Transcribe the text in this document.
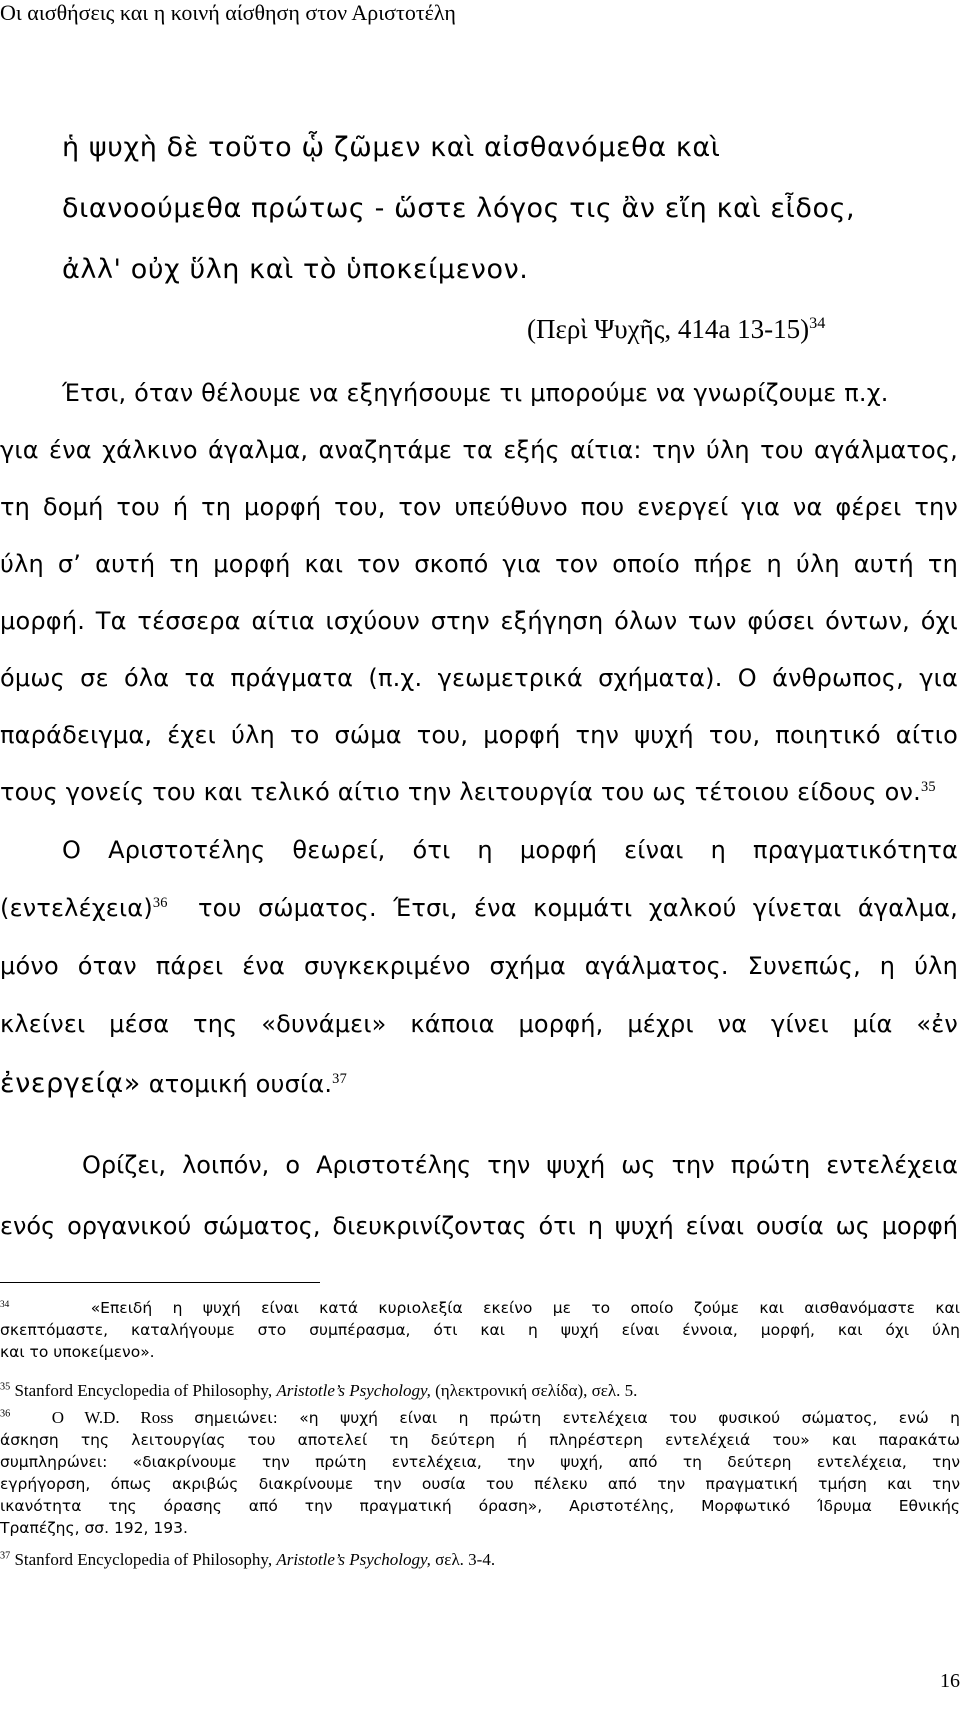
Οι αισθήσεις και η κοινή αίσθηση στον Αριστοτέλη
ἡ ψυχὴ δὲ τοῦτο ᾧ ζῶμεν καὶ αἰσθανόμεθα καὶ
διανοούμεθα πρώτως - ὥστε λόγος τις ἂν εἴη καὶ εἶδος,
ἀλλ' οὐχ ὕλη καὶ τὸ ὑποκείμενον.
(Περὶ Ψυχῆς, 414a 13-15)$^{34}$
Έτσι, όταν θέλουμε να εξηγήσουμε τι μπορούμε να γνωρίζουμε π.χ.
για ένα χάλκινο άγαλμα, αναζητάμε τα εξής αίτια: την ύλη του αγάλματος,
τη δομή του ή τη μορφή του, τον υπεύθυνο που ενεργεί για να φέρει την
ύλη σ’ αυτή τη μορφή και τον σκοπό για τον οποίο πήρε η ύλη αυτή τη
μορφή. Τα τέσσερα αίτια ισχύουν στην εξήγηση όλων των φύσει όντων, όχι
όμως σε όλα τα πράγματα (π.χ. γεωμετρικά σχήματα). Ο άνθρωπος, για
παράδειγμα, έχει ύλη το σώμα του, μορφή την ψυχή του, ποιητικό αίτιο
τους γονείς του και τελικό αίτιο την λειτουργία του ως τέτοιου είδους ον.$^{35}$
Ο Αριστοτέλης θεωρεί, ότι η μορφή είναι η πραγματικότητα
$(\varepsilon\nu\tau\varepsilon\lambda έ\chi\varepsilon\iota\alpha)^{36}$ του σώματος. Έτσι, ένα κομμάτι χαλκού γίνεται άγαλμα,
μόνο όταν πάρει ένα συγκεκριμένο σχήμα αγάλματος. Συνεπώς, η ύλη
κλείνει μέσα της «δυνάμει» κάποια μορφή, μέχρι να γίνει μία «ἐν
ἐνεργείᾳ» ατομική ουσία.$^{37}$
Ορίζει, λοιπόν, ο Αριστοτέλης την ψυχή ως την πρώτη εντελέχεια
ενός οργανικού σώματος, διευκρινίζοντας ότι η ψυχή είναι ουσία ως μορφή
$^{34}$	«Επειδή η ψυχή είναι κατά κυριολεξία εκείνο με το οποίο ζούμε και αισθανόμαστε και
σκεπτόμαστε, καταλήγουμε στο συμπέρασμα, ότι και η ψυχή είναι έννοια, μορφή, και όχι ύλη
και το υποκείμενο».
$^{35}$ Stanford Encyclopedia of Philosophy, Aristotle’s Psychology, (ηλεκτρονική σελίδα), σελ. 5.
$^{36}$ O W.D. Ross σημειώνει: «η ψυχή είναι η πρώτη εντελέχεια του φυσικού σώματος, ενώ η
άσκηση της λειτουργίας του αποτελεί τη δεύτερη ή πληρέστερη εντελέχειά του» και παρακάτω
συμπληρώνει: «διακρίνουμε την πρώτη εντελέχεια, την ψυχή, από τη δεύτερη εντελέχεια, την
εγρήγορση, όπως ακριβώς διακρίνουμε την ουσία του πέλεκυ από την πραγματική τμήση και την
ικανότητα της όρασης από την πραγματική όραση», Αριστοτέλης, Μορφωτικό Ίδρυμα Εθνικής
Τραπέζης, σσ. 192, 193.
$^{37}$ Stanford Encyclopedia of Philosophy, Aristotle’s Psychology, σελ. 3-4.
16
